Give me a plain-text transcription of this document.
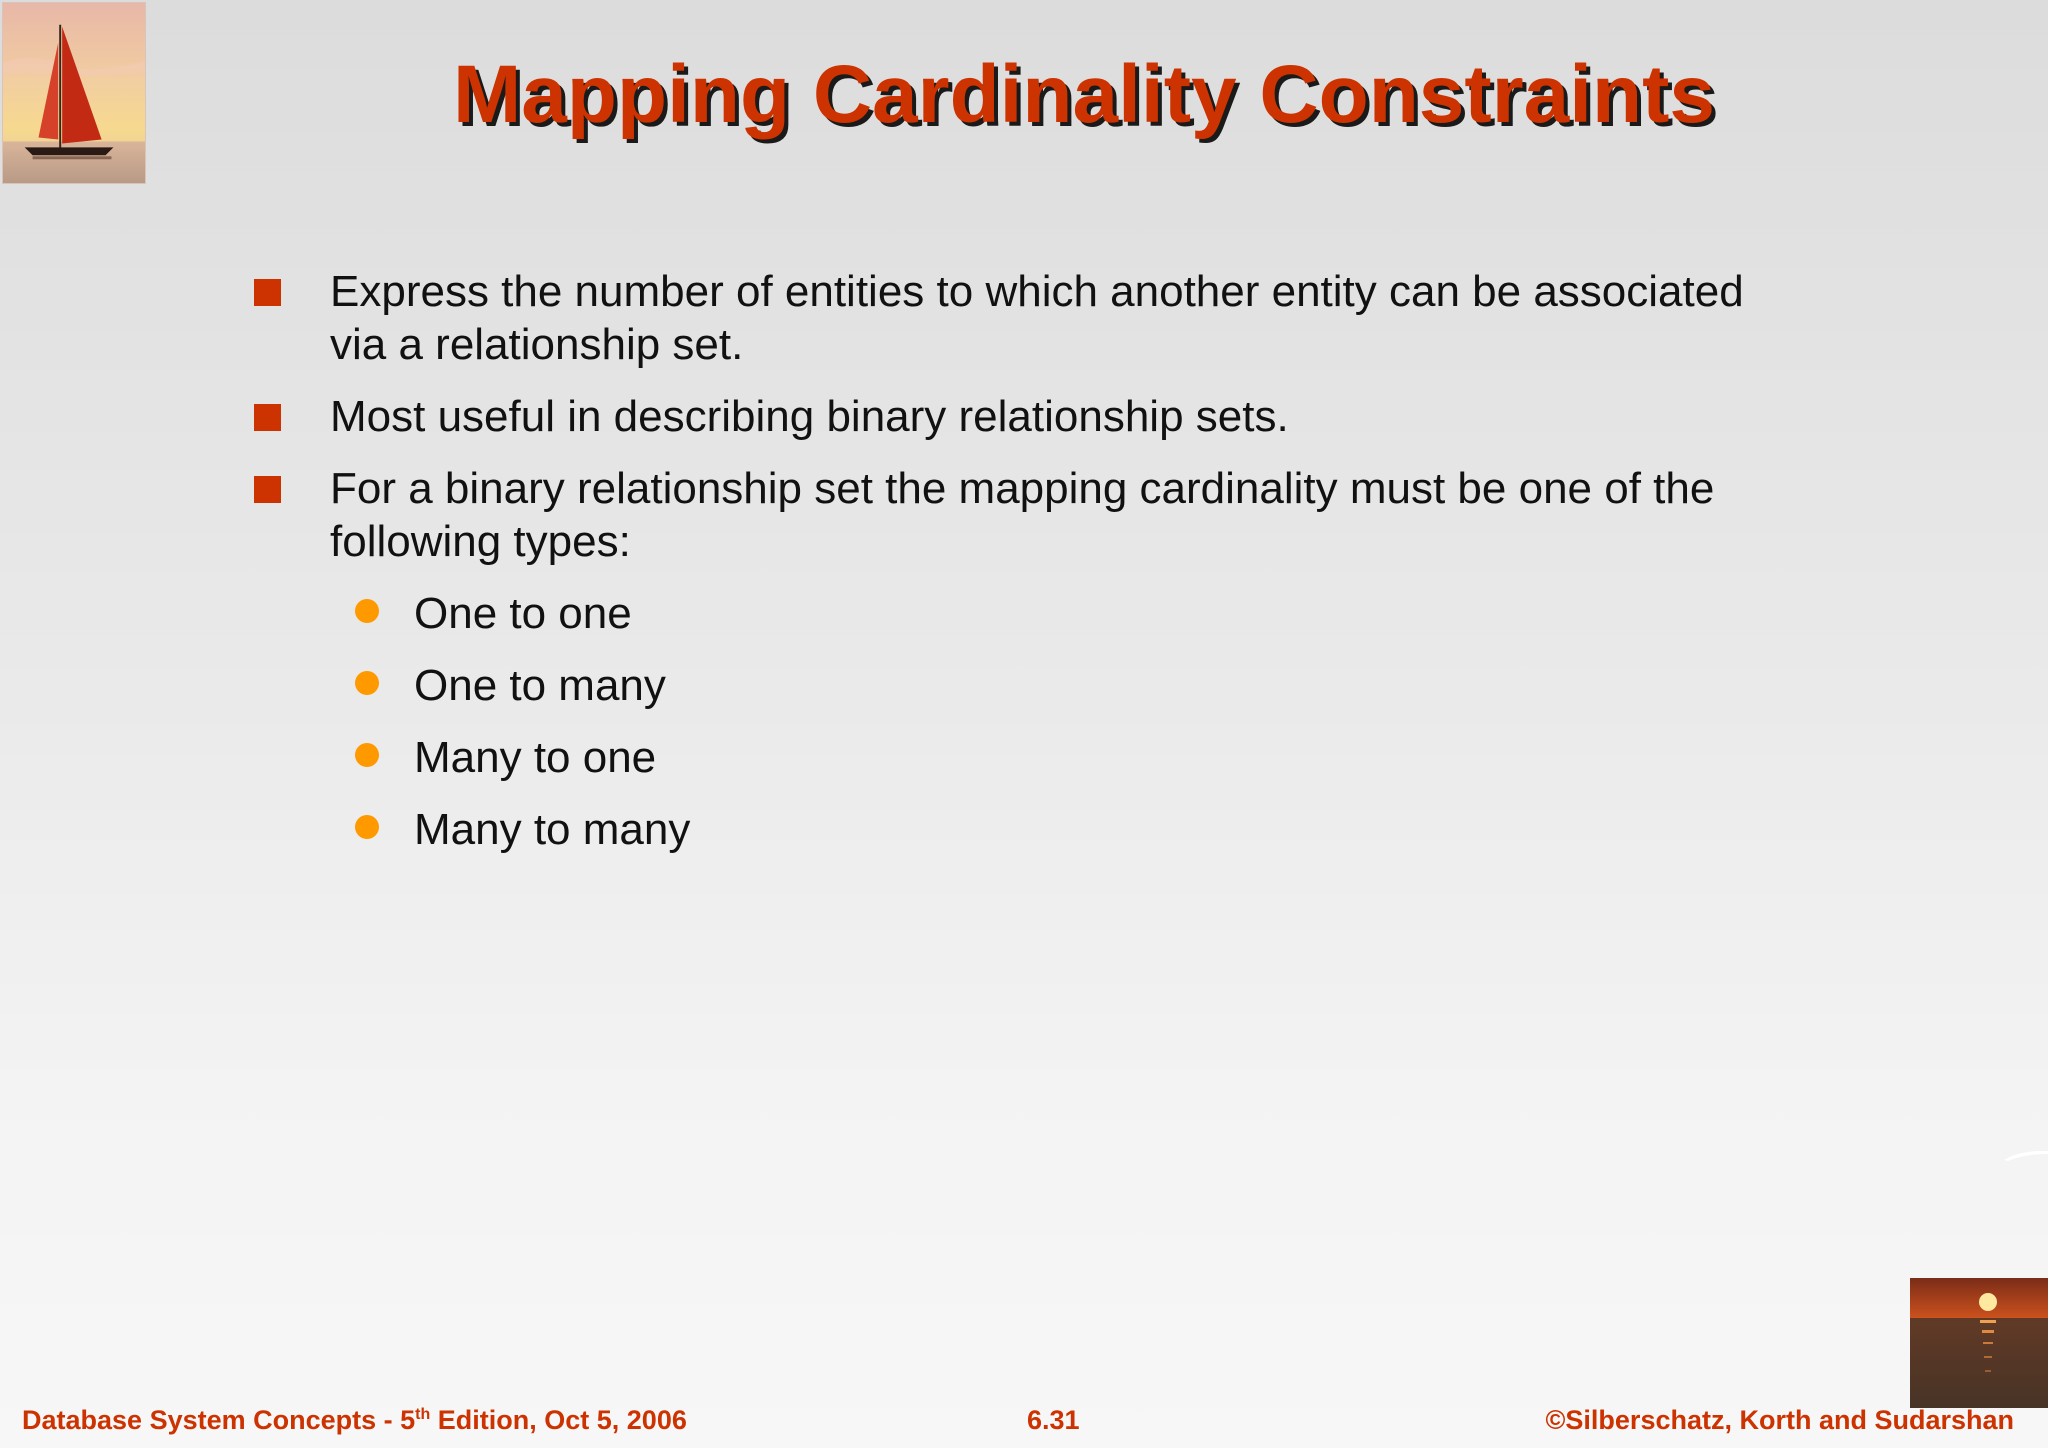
Mapping Cardinality Constraints
Express the number of entities to which another entity can be associated via a relationship set.
Most useful in describing binary relationship sets.
For a binary relationship set the mapping cardinality must be one of the following types:
One to one
One to many
Many to one
Many to many
Database System Concepts - 5th Edition, Oct 5, 2006	6.31	©Silberschatz, Korth and Sudarshan
